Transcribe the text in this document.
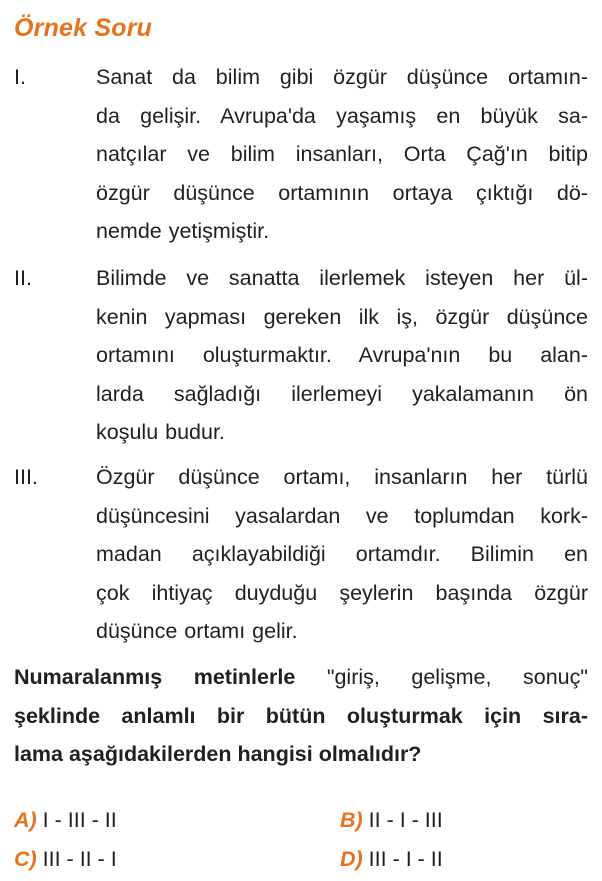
Örnek Soru
I.	Sanat da bilim gibi özgür düşünce ortamın-
da gelişir. Avrupa'da yaşamış en büyük sa-
natçılar ve bilim insanları, Orta Çağ'ın bitip
özgür düşünce ortamının ortaya çıktığı dö-
nemde yetişmiştir.
II.	Bilimde ve sanatta ilerlemek isteyen her ül-
kenin yapması gereken ilk iş, özgür düşünce
ortamını oluşturmaktır. Avrupa'nın bu alan-
larda sağladığı ilerlemeyi yakalamanın ön
koşulu budur.
III.	Özgür düşünce ortamı, insanların her türlü
düşüncesini yasalardan ve toplumdan kork-
madan açıklayabildiği ortamdır. Bilimin en
çok ihtiyaç duyduğu şeylerin başında özgür
düşünce ortamı gelir.
Numaralanmış metinlerle "giriş, gelişme, sonuç"
şeklinde anlamlı bir bütün oluşturmak için sıra-
lama aşağıdakilerden hangisi olmalıdır?
A) I - III - II	B) II - I - III
C) III - II - I	D) III - I - II
